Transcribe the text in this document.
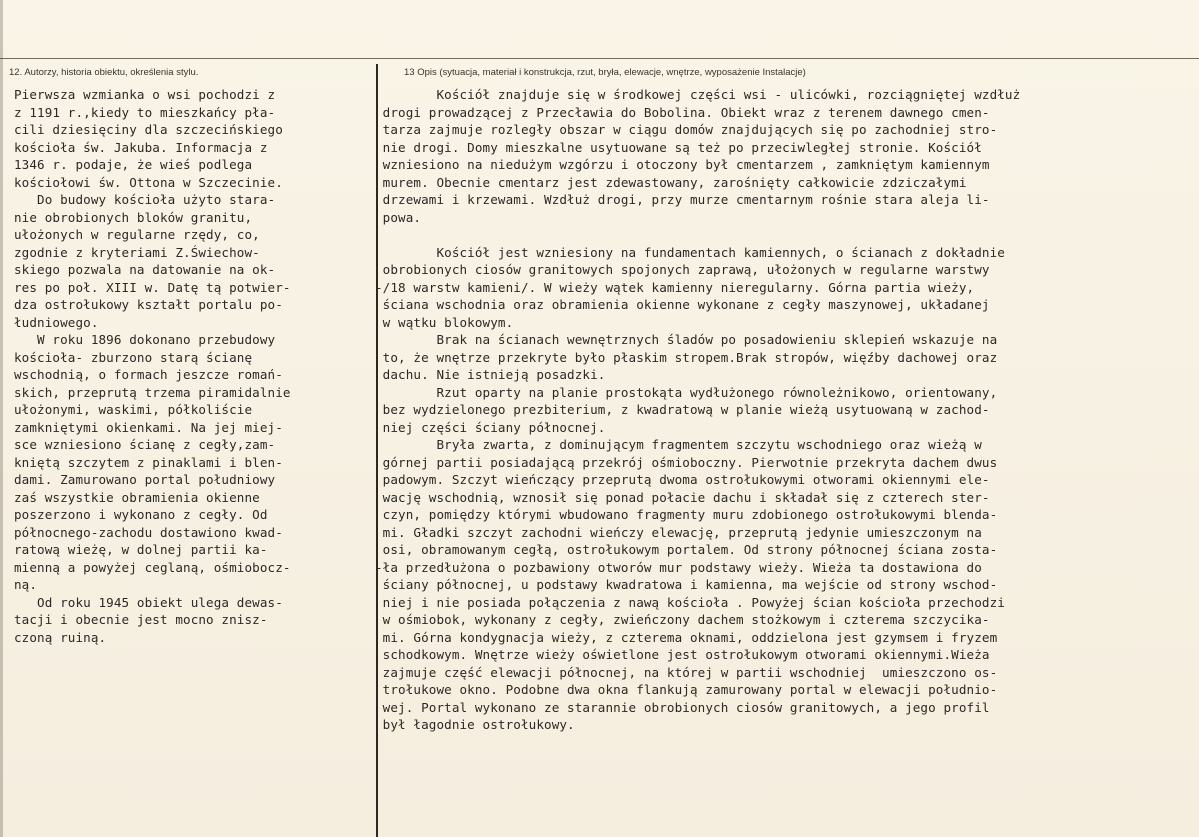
12. Autorzy, historia obiektu, określenia stylu.	13 Opis (sytuacja, materiał i konstrukcja, rzut, bryła, elewacje, wnętrze, wyposażenie Instalacje)
Pierwsza wzmianka o wsi pochodzi z
z 1191 r.,kiedy to mieszkańcy pła-
cili dziesięciny dla szczecińskiego
kościoła św. Jakuba. Informacja z
1346 r. podaje, że wieś podlega
kościołowi św. Ottona w Szczecinie.
Do budowy kościoła użyto stara-
nie obrobionych bloków granitu,
ułożonych w regularne rzędy, co,
zgodnie z kryteriami Z.Świechow-
skiego pozwala na datowanie na ok-
res po poł. XIII w. Datę tą potwier-
dza ostrołukowy kształt portalu po-
łudniowego.
W roku 1896 dokonano przebudowy
kościoła- zburzono starą ścianę
wschodnią, o formach jeszcze romań-
skich, przeprutą trzema piramidalnie
ułożonymi, waskimi, półkoliście
zamkniętymi okienkami. Na jej miej-
sce wzniesiono ścianę z cegły,zam-
kniętą szczytem z pinaklami i blen-
dami. Zamurowano portal południowy
zaś wszystkie obramienia okienne
poszerzono i wykonano z cegły. Od
północnego-zachodu dostawiono kwad-
ratową wieżę, w dolnej partii ka-
mienną a powyżej ceglaną, ośmiobocz-
ną.
Od roku 1945 obiekt ulega dewas-
tacji i obecnie jest mocno znisz-
czoną ruiną.
Kościół znajduje się w środkowej części wsi - ulicówki, rozciągniętej wzdłuż
drogi prowadzącej z Przecławia do Bobolina. Obiekt wraz z terenem dawnego cmen-
tarza zajmuje rozległy obszar w ciągu domów znajdujących się po zachodniej stro-
nie drogi. Domy mieszkalne usytuowane są też po przeciwległej stronie. Kościół
wzniesiono na niedużym wzgórzu i otoczony był cmentarzem , zamkniętym kamiennym
murem. Obecnie cmentarz jest zdewastowany, zarośnięty całkowicie zdziczałymi
drzewami i krzewami. Wzdłuż drogi, przy murze cmentarnym rośnie stara aleja li-
powa.

Kościół jest wzniesiony na fundamentach kamiennych, o ścianach z dokładnie
obrobionych ciosów granitowych spojonych zaprawą, ułożonych w regularne warstwy
-/18 warstw kamieni/. W wieży wątek kamienny nieregularny. Górna partia wieży,
ściana wschodnia oraz obramienia okienne wykonane z cegły maszynowej, układanej
w wątku blokowym.
Brak na ścianach wewnętrznych śladów po posadowieniu sklepień wskazuje na
to, że wnętrze przekryte było płaskim stropem.Brak stropów, więźby dachowej oraz
dachu. Nie istnieją posadzki.
Rzut oparty na planie prostokąta wydłużonego równoleżnikowo, orientowany,
bez wydzielonego prezbiterium, z kwadratową w planie wieżą usytuowaną w zachod-
niej części ściany północnej.
Bryła zwarta, z dominującym fragmentem szczytu wschodniego oraz wieżą w
górnej partii posiadającą przekrój ośmioboczny. Pierwotnie przekryta dachem dwus
padowym. Szczyt wieńczący przeprutą dwoma ostrołukowymi otworami okiennymi ele-
wację wschodnią, wznosił się ponad połacie dachu i składał się z czterech ster-
czyn, pomiędzy którymi wbudowano fragmenty muru zdobionego ostrołukowymi blenda-
mi. Gładki szczyt zachodni wieńczy elewację, przeprutą jedynie umieszczonym na
osi, obramowanym cegłą, ostrołukowym portalem. Od strony północnej ściana zosta-
-ła przedłużona o pozbawiony otworów mur podstawy wieży. Wieża ta dostawiona do
ściany północnej, u podstawy kwadratowa i kamienna, ma wejście od strony wschod-
niej i nie posiada połączenia z nawą kościoła . Powyżej ścian kościoła przechodzi
w ośmiobok, wykonany z cegły, zwieńczony dachem stożkowym i czterema szczycika-
mi. Górna kondygnacja wieży, z czterema oknami, oddzielona jest gzymsem i fryzem
schodkowym. Wnętrze wieży oświetlone jest ostrołukowym otworami okiennymi.Wieża
zajmuje część elewacji północnej, na której w partii wschodniej  umieszczono os-
trołukowe okno. Podobne dwa okna flankują zamurowany portal w elewacji południo-
wej. Portal wykonano ze starannie obrobionych ciosów granitowych, a jego profil
był łagodnie ostrołukowy.
